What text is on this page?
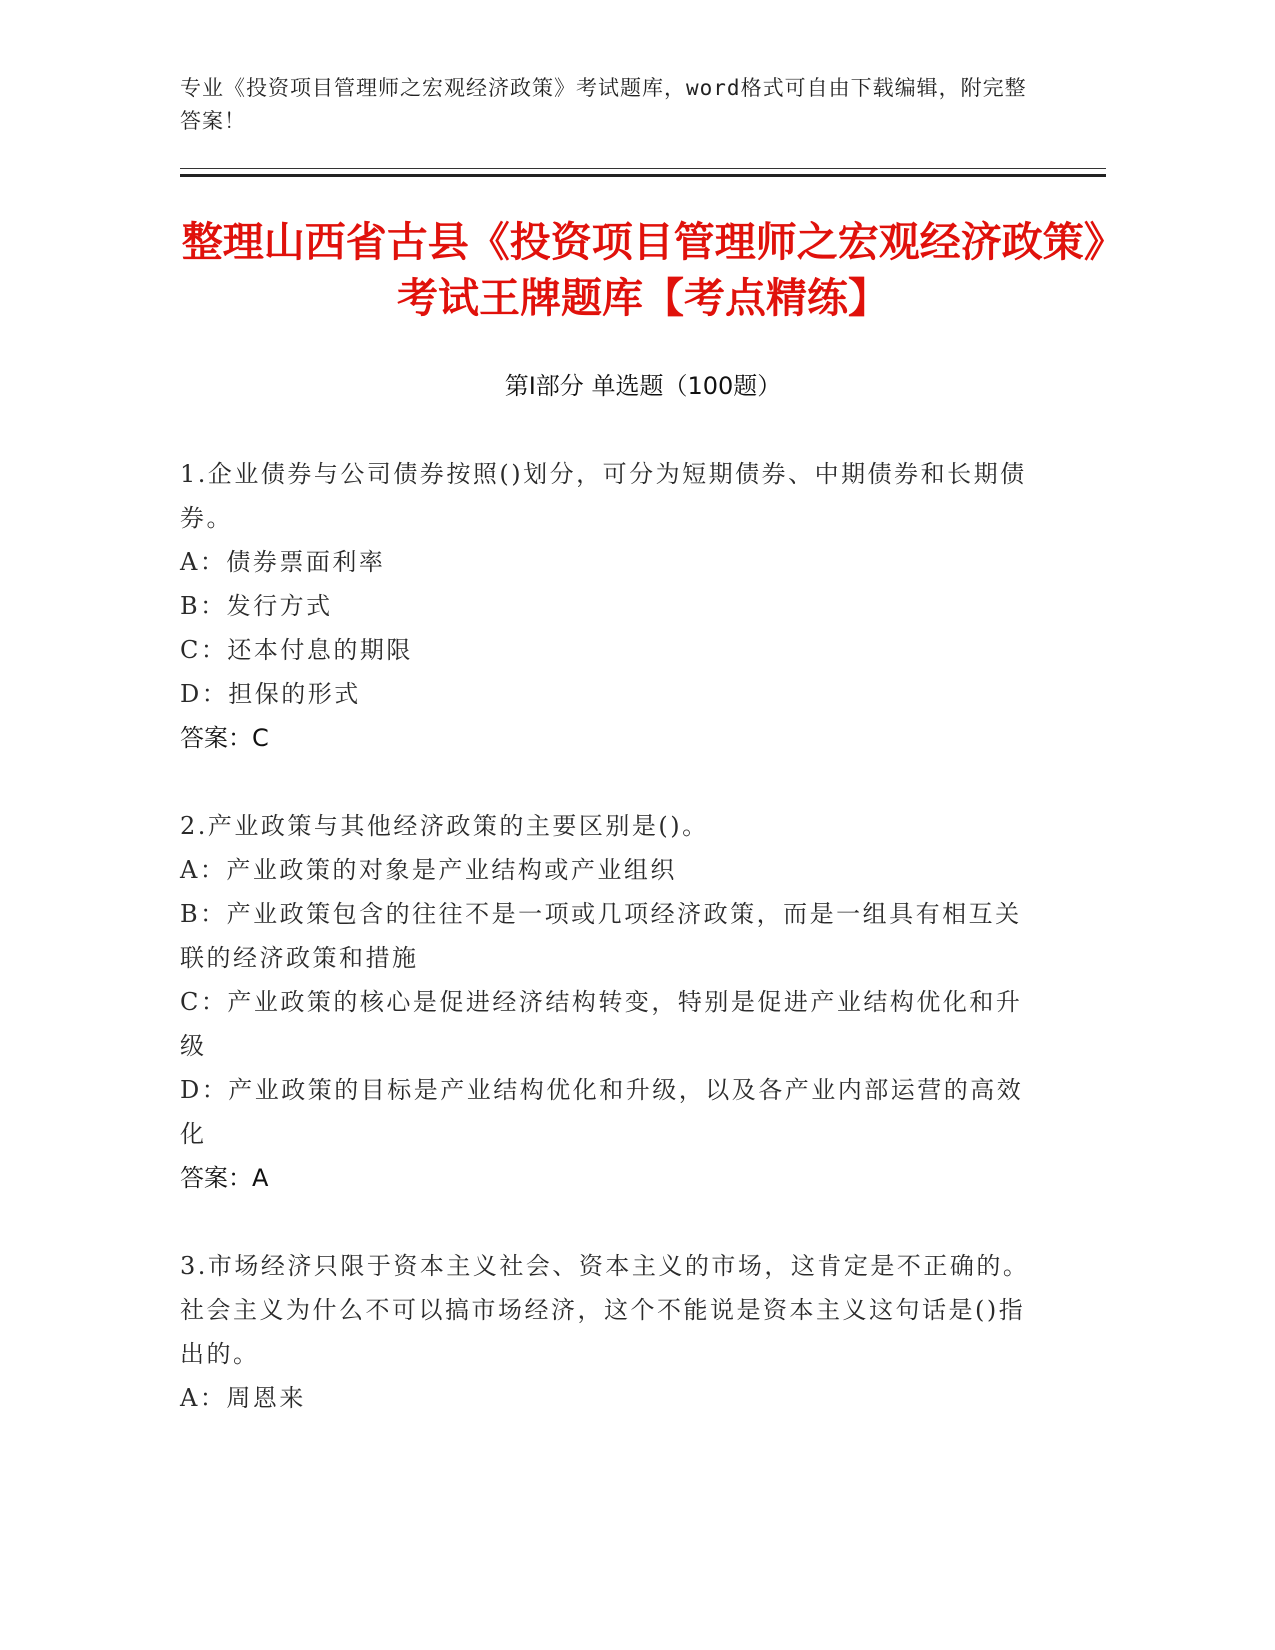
专业《投资项目管理师之宏观经济政策》考试题库，word格式可自由下载编辑，附完整答案！
整理山西省古县《投资项目管理师之宏观经济政策》考试王牌题库【考点精练】
第Ⅰ部分 单选题（100题）

1.企业债券与公司债券按照()划分，可分为短期债券、中期债券和长期债券。

A：债券票面利率

B：发行方式

C：还本付息的期限

D：担保的形式

答案：C

2.产业政策与其他经济政策的主要区别是()。

A：产业政策的对象是产业结构或产业组织

B：产业政策包含的往往不是一项或几项经济政策，而是一组具有相互关联的经济政策和措施

C：产业政策的核心是促进经济结构转变，特别是促进产业结构优化和升级

D：产业政策的目标是产业结构优化和升级，以及各产业内部运营的高效化

答案：A

3.市场经济只限于资本主义社会、资本主义的市场，这肯定是不正确的。社会主义为什么不可以搞市场经济，这个不能说是资本主义这句话是()指出的。

A：周恩来
